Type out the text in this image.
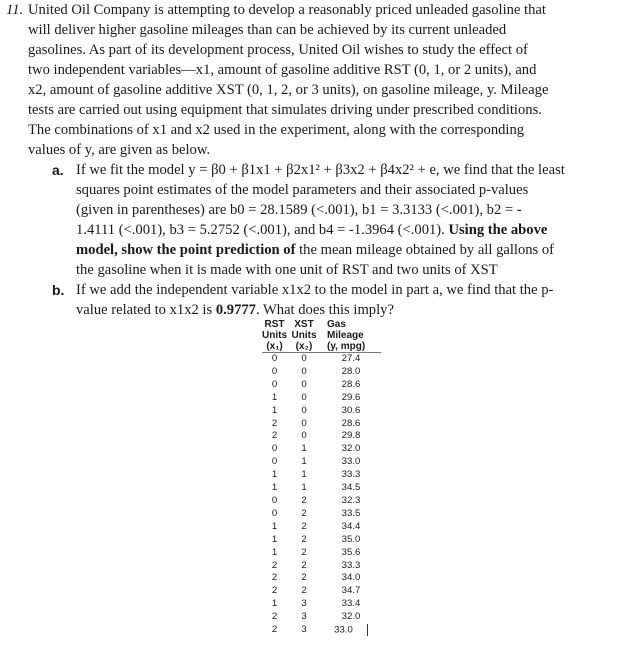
11. United Oil Company is attempting to develop a reasonably priced unleaded gasoline that
will deliver higher gasoline mileages than can be achieved by its current unleaded
gasolines. As part of its development process, United Oil wishes to study the effect of
two independent variables—x1, amount of gasoline additive RST (0, 1, or 2 units), and
x2, amount of gasoline additive XST (0, 1, 2, or 3 units), on gasoline mileage, y. Mileage
tests are carried out using equipment that simulates driving under prescribed conditions.
The combinations of x1 and x2 used in the experiment, along with the corresponding
values of y, are given as below.
a. If we fit the model y = β0 + β1x1 + β2x1² + β3x2 + β4x2² + e, we find that the least
squares point estimates of the model parameters and their associated p-values
(given in parentheses) are b0 = 28.1589 (<.001), b1 = 3.3133 (<.001), b2 = -
1.4111 (<.001), b3 = 5.2752 (<.001), and b4 = -1.3964 (<.001). Using the above
model, show the point prediction of the mean mileage obtained by all gallons of
the gasoline when it is made with one unit of RST and two units of XST
b. If we add the independent variable x1x2 to the model in part a, we find that the p-
value related to x1x2 is 0.9777. What does this imply?
RST	XST	Gas
Units	Units	Mileage
(x₁)	(x₂)	(y, mpg)
0	0	27.4
0	0	28.0
0	0	28.6
1	0	29.6
1	0	30.6
2	0	28.6
2	0	29.8
0	1	32.0
0	1	33.0
1	1	33.3
1	1	34.5
0	2	32.3
0	2	33.5
1	2	34.4
1	2	35.0
1	2	35.6
2	2	33.3
2	2	34.0
2	2	34.7
1	3	33.4
2	3	32.0
2	3	33.0
